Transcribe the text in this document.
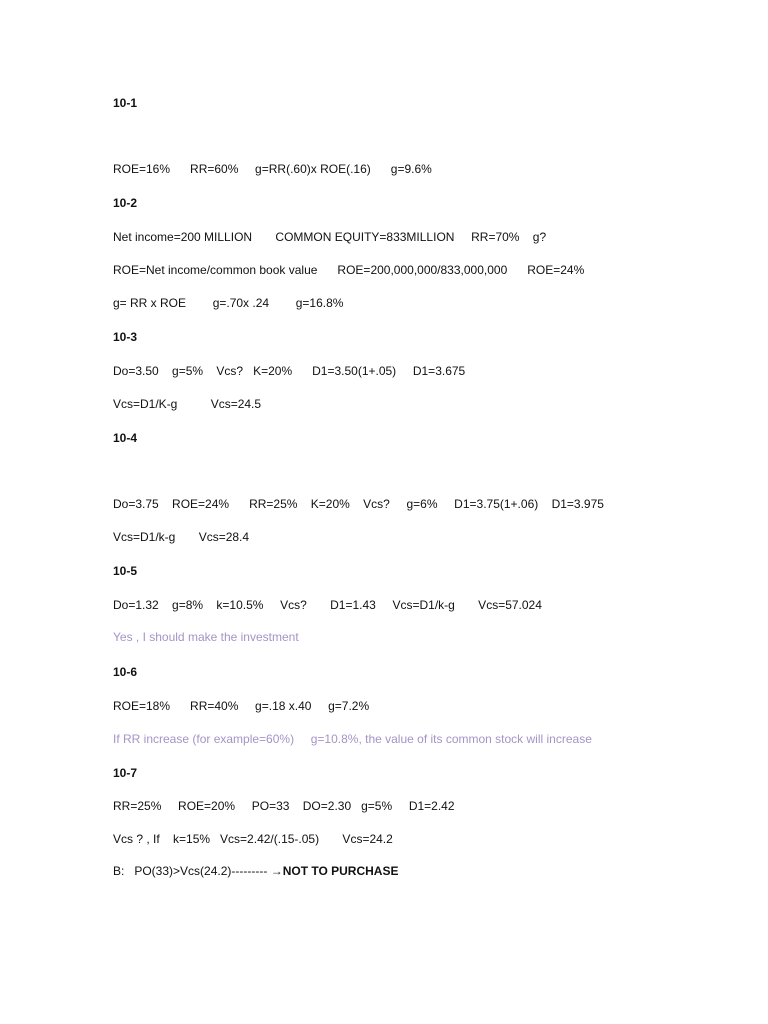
10-1
ROE=16%      RR=60%     g=RR(.60)x ROE(.16)      g=9.6%
10-2
Net income=200 MILLION       COMMON EQUITY=833MILLION     RR=70%    g?
ROE=Net income/common book value      ROE=200,000,000/833,000,000      ROE=24%
g= RR x ROE        g=.70x .24        g=16.8%
10-3
Do=3.50    g=5%    Vcs?   K=20%      D1=3.50(1+.05)     D1=3.675
Vcs=D1/K-g          Vcs=24.5
10-4
Do=3.75    ROE=24%      RR=25%    K=20%    Vcs?     g=6%     D1=3.75(1+.06)    D1=3.975
Vcs=D1/k-g       Vcs=28.4
10-5
Do=1.32    g=8%    k=10.5%     Vcs?       D1=1.43     Vcs=D1/k-g       Vcs=57.024
Yes , I should make the investment
10-6
ROE=18%      RR=40%     g=.18 x.40     g=7.2%
If RR increase (for example=60%)     g=10.8%, the value of its common stock will increase
10-7
RR=25%     ROE=20%     PO=33    DO=2.30   g=5%     D1=2.42
Vcs ? , If    k=15%   Vcs=2.42/(.15-.05)       Vcs=24.2
B:   PO(33)>Vcs(24.2)--------- →NOT TO PURCHASE
